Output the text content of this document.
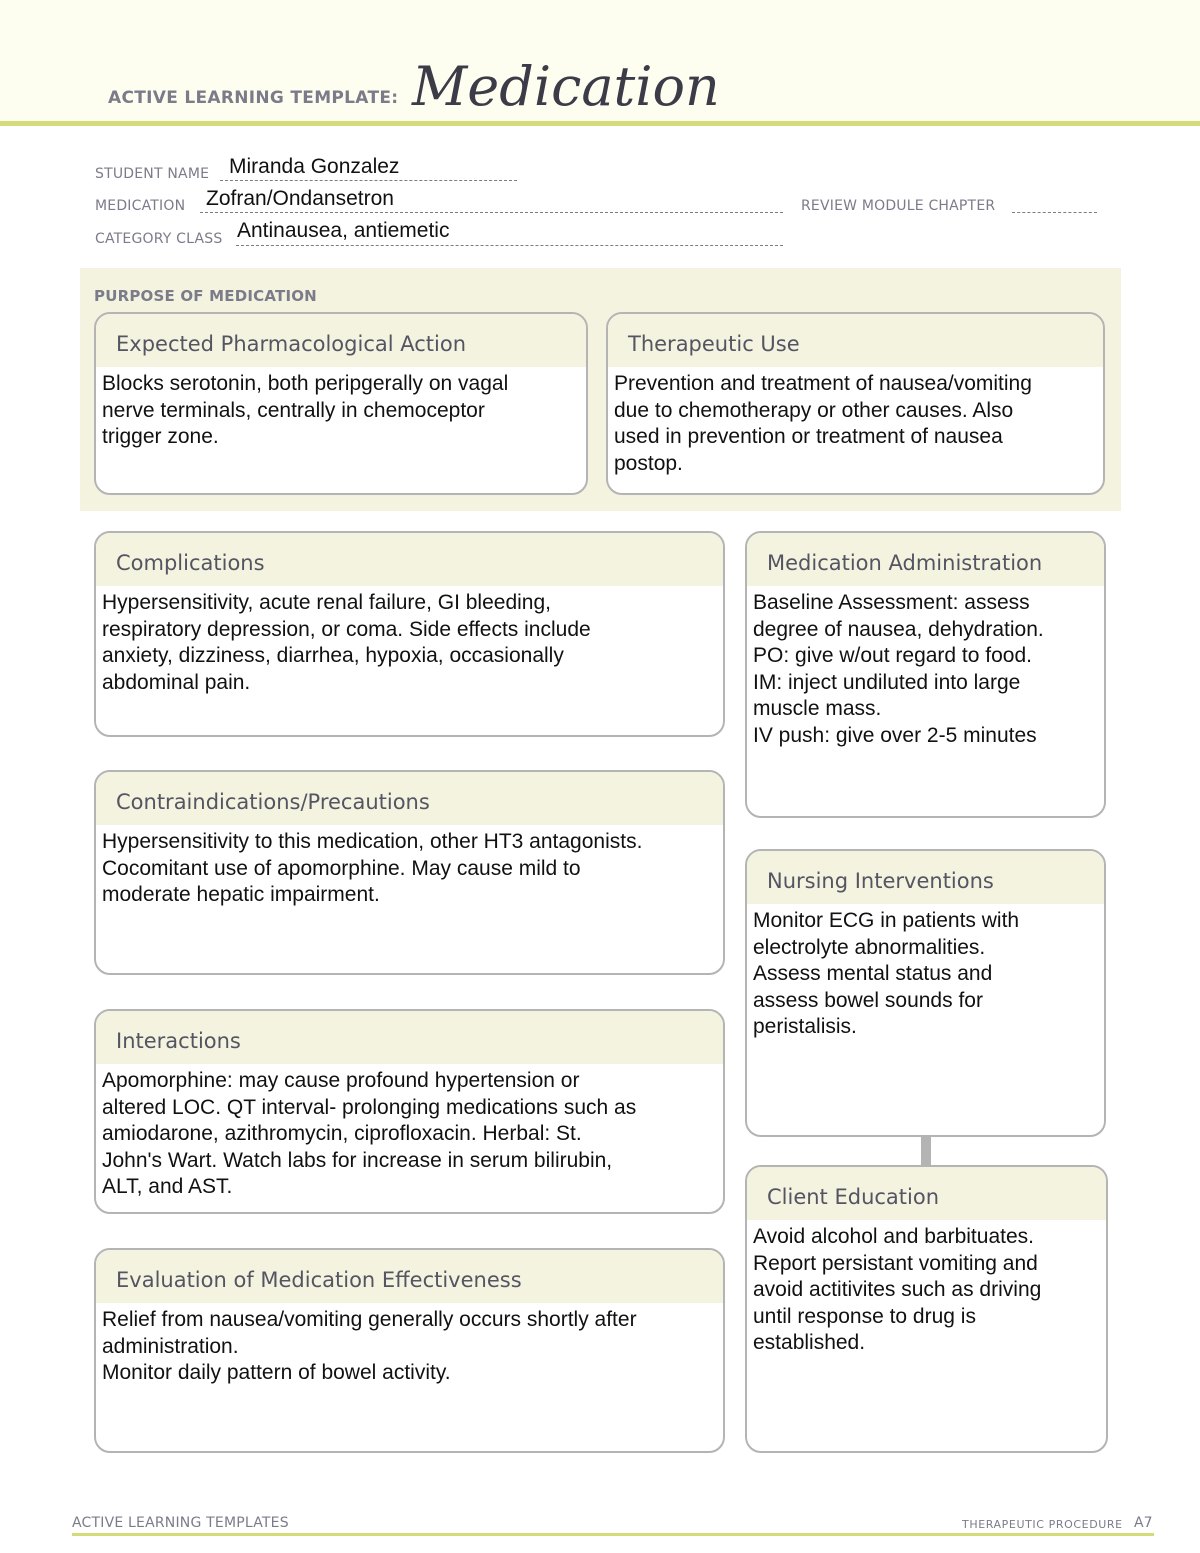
ACTIVE LEARNING TEMPLATE: Medication
STUDENT NAME Miranda Gonzalez
MEDICATION Zofran/Ondansetron	REVIEW MODULE CHAPTER
CATEGORY CLASS Antinausea, antiemetic
PURPOSE OF MEDICATION
Expected Pharmacological Action

Blocks serotonin, both peripgerally on vagal

nerve terminals, centrally in chemoceptor

trigger zone.

Therapeutic Use

Prevention and treatment of nausea/vomiting

due to chemotherapy or other causes. Also

used in prevention or treatment of nausea

postop.

Complications

Hypersensitivity, acute renal failure, GI bleeding,

respiratory depression, or coma. Side effects include

anxiety, dizziness, diarrhea, hypoxia, occasionally

abdominal pain.

Contraindications/Precautions

Hypersensitivity to this medication, other HT3 antagonists.

Cocomitant use of apomorphine. May cause mild to

moderate hepatic impairment.

Interactions

Apomorphine: may cause profound hypertension or

altered LOC. QT interval- prolonging medications such as

amiodarone, azithromycin, ciprofloxacin. Herbal: St.

John's Wart. Watch labs for increase in serum bilirubin,

ALT, and AST.

Evaluation of Medication Effectiveness

Relief from nausea/vomiting generally occurs shortly after

administration.

Monitor daily pattern of bowel activity.

Medication Administration

Baseline Assessment: assess

degree of nausea, dehydration.

PO: give w/out regard to food.

IM: inject undiluted into large

muscle mass.

IV push: give over 2-5 minutes

Nursing Interventions

Monitor ECG in patients with

electrolyte abnormalities.

Assess mental status and

assess bowel sounds for

peristalisis.

Client Education

Avoid alcohol and barbituates.

Report persistant vomiting and

avoid actitivites such as driving

until response to drug is

established.

ACTIVE LEARNING TEMPLATES	THERAPEUTIC PROCEDURE A7
